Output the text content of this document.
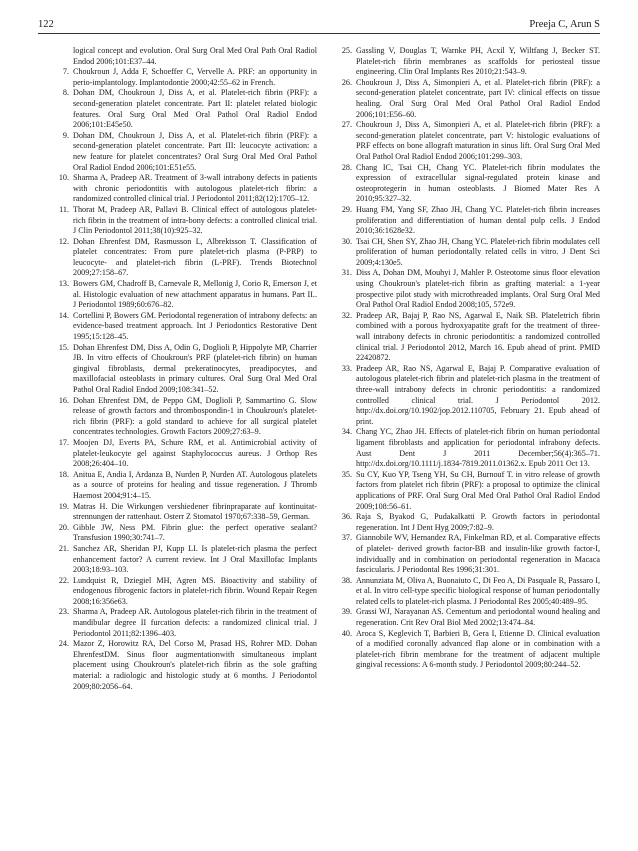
122	Preeja C, Arun S
logical concept and evolution. Oral Surg Oral Med Oral Path Oral Radiol Endod 2006;101:E37–44.
7. Choukroun J, Adda F, Schoeffer C, Vervelle A. PRF: an opportunity in perio-implantology. Implantodontie 2000;42:55–62 in French.
8. Dohan DM, Choukroun J, Diss A, et al. Platelet-rich fibrin (PRF): a second-generation platelet concentrate. Part II: platelet related biologic features. Oral Surg Oral Med Oral Pathol Oral Radiol Endod 2006;101:E45e50.
9. Dohan DM, Choukroun J, Diss A, et al. Platelet-rich fibrin (PRF): a second-generation platelet concentrate. Part III: leucocyte activation: a new feature for platelet concentrates? Oral Surg Oral Med Oral Pathol Oral Radiol Endod 2006;101:E51e55.
10. Sharma A, Pradeep AR. Treatment of 3-wall intrabony defects in patients with chronic periodontitis with autologous platelet-rich fibrin: a randomized controlled clinical trial. J Periodontol 2011;82(12):1705–12.
11. Thorat M, Pradeep AR, Pallavi B. Clinical effect of autologous platelet-rich fibrin in the treatment of intra-bony defects: a controlled clinical trial. J Clin Periodontol 2011;38(10):925–32.
12. Dohan Ehrenfest DM, Rasmusson L, Albrektsson T. Classification of platelet concentrates: From pure platelet-rich plasma (P-PRP) to leucocyte- and platelet-rich fibrin (L-PRF). Trends Biotechnol 2009;27:158–67.
13. Bowers GM, Chadroff B, Carnevale R, Mellonig J, Corio R, Emerson J, et al. Histologic evaluation of new attachment apparatus in humans. Part II.. J Periodontol 1989;60:676–82.
14. Cortellini P, Bowers GM. Periodontal regeneration of intrabony defects: an evidence-based treatment approach. Int J Periodontics Restorative Dent 1995;15:128–45.
15. Dohan Ehrenfest DM, Diss A, Odin G, Doglioli P, Hippolyte MP, Charrier JB. In vitro effects of Choukroun's PRF (platelet-rich fibrin) on human gingival fibroblasts, dermal prekeratinocytes, preadipocytes, and maxillofacial osteoblasts in primary cultures. Oral Surg Oral Med Oral Pathol Oral Radiol Endod 2009;108:341–52.
16. Dohan Ehrenfest DM, de Peppo GM, Doglioli P, Sammartino G. Slow release of growth factors and thrombospondin-1 in Choukroun's platelet-rich fibrin (PRF): a gold standard to achieve for all surgical platelet concentrates technologies. Growth Factors 2009;27:63–9.
17. Moojen DJ, Everts PA, Schure RM, et al. Antimicrobial activity of platelet-leukocyte gel against Staphylococcus aureus. J Orthop Res 2008;26:404–10.
18. Anitua E, Andia I, Ardanza B, Nurden P, Nurden AT. Autologous platelets as a source of proteins for healing and tissue regeneration. J Thromb Haemost 2004;91:4–15.
19. Matras H. Die Wirkungen vershiedener fibrinpraparate auf kontinuitat-strennungen der rattenhaut. Osterr Z Stomatol 1970;67:338–59, German.
20. Gibble JW, Ness PM. Fibrin glue: the perfect operative sealant? Transfusion 1990;30:741–7.
21. Sanchez AR, Sheridan PJ, Kupp LI. Is platelet-rich plasma the perfect enhancement factor? A current review. Int J Oral Maxillofac Implants 2003;18:93–103.
22. Lundquist R, Dziegiel MH, Agren MS. Bioactivity and stability of endogenous fibrogenic factors in platelet-rich fibrin. Wound Repair Regen 2008;16:356e63.
23. Sharma A, Pradeep AR. Autologous platelet-rich fibrin in the treatment of mandibular degree II furcation defects: a randomized clinical trial. J Periodontol 2011;82:1396–403.
24. Mazor Z, Horowitz RA, Del Corso M, Prasad HS, Rohrer MD. Dohan EhrenfestDM. Sinus floor augmentationwith simultaneous implant placement using Choukroun's platelet-rich fibrin as the sole grafting material: a radiologic and histologic study at 6 months. J Periodontol 2009;80:2056–64.
25. Gassling V, Douglas T, Warnke PH, Acxil Y, Wiltfang J, Becker ST. Platelet-rich fibrin membranes as scaffolds for periosteal tissue engineering. Clin Oral Implants Res 2010;21:543–9.
26. Choukroun J, Diss A, Simonpieri A, et al. Platelet-rich fibrin (PRF): a second-generation platelet concentrate, part IV: clinical effects on tissue healing. Oral Surg Oral Med Oral Pathol Oral Radiol Endod 2006;101:E56–60.
27. Choukroun J, Diss A, Simonpieri A, et al. Platelet-rich fibrin (PRF): a second-generation platelet concentrate, part V: histologic evaluations of PRF effects on bone allograft maturation in sinus lift. Oral Surg Oral Med Oral Pathol Oral Radiol Endod 2006;101:299–303.
28. Chang IC, Tsai CH, Chang YC. Platelet-rich fibrin modulates the expression of extracellular signal-regulated protein kinase and osteoprotegerin in human osteoblasts. J Biomed Mater Res A 2010;95:327–32.
29. Huang FM, Yang SF, Zhao JH, Chang YC. Platelet-rich fibrin increases proliferation and differentiation of human dental pulp cells. J Endod 2010;36:1628e32.
30. Tsai CH, Shen SY, Zhao JH, Chang YC. Platelet-rich fibrin modulates cell proliferation of human periodontally related cells in vitro. J Dent Sci 2009;4:130e5.
31. Diss A, Dohan DM, Mouhyi J, Mahler P. Osteotome sinus floor elevation using Choukroun's platelet-rich fibrin as grafting material: a 1-year prospective pilot study with microthreaded implants. Oral Surg Oral Med Oral Pathol Oral Radiol Endod 2008;105, 572e9.
32. Pradeep AR, Bajaj P, Rao NS, Agarwal E, Naik SB. Plateletrich fibrin combined with a porous hydroxyapatite graft for the treatment of three-wall intrabony defects in chronic periodontitis: a randomized controlled clinical trial. J Periodontol 2012, March 16. Epub ahead of print. PMID 22420872.
33. Pradeep AR, Rao NS, Agarwal E, Bajaj P. Comparative evaluation of autologous platelet-rich fibrin and platelet-rich plasma in the treatment of three-wall intrabony defects in chronic periodontitis: a randomized controlled clinical trial. J Periodontol 2012. http://dx.doi.org/10.1902/jop.2012.110705, February 21. Epub ahead of print.
34. Chang YC, Zhao JH. Effects of platelet-rich fibrin on human periodontal ligament fibroblasts and application for periodontal infrabony defects. Aust Dent J 2011 December;56(4):365–71. http://dx.doi.org/10.1111/j.1834-7819.2011.01362.x. Epub 2011 Oct 13.
35. Su CY, Kuo YP, Tseng YH, Su CH, Burnouf T. in vitro release of growth factors from platelet rich fibrin (PRF): a proposal to optimize the clinical applications of PRF. Oral Surg Oral Med Oral Pathol Oral Radiol Endod 2009;108:56–61.
36. Raja S, Byakod G, Pudakalkatti P. Growth factors in periodontal regeneration. Int J Dent Hyg 2009;7:82–9.
37. Giannobile WV, Hernandez RA, Finkelman RD, et al. Comparative effects of platelet- derived growth factor-BB and insulin-like growth factor-I, individually and in combination on periodontal regeneration in Macaca fascicularis. J Periodontal Res 1996;31:301.
38. Annunziata M, Oliva A, Buonaiuto C, Di Feo A, Di Pasquale R, Passaro I, et al. In vitro cell-type specific biological response of human periodontally related cells to platelet-rich plasma. J Periodontal Res 2005;40:489–95.
39. Grassi WJ, Narayanan AS. Cementum and periodontal wound healing and regeneration. Crit Rev Oral Biol Med 2002;13:474–84.
40. Aroca S, Keglevich T, Barbieri B, Gera I, Etienne D. Clinical evaluation of a modified coronally advanced flap alone or in combination with a platelet-rich fibrin membrane for the treatment of adjacent multiple gingival recessions: A 6-month study. J Periodontol 2009;80:244–52.
